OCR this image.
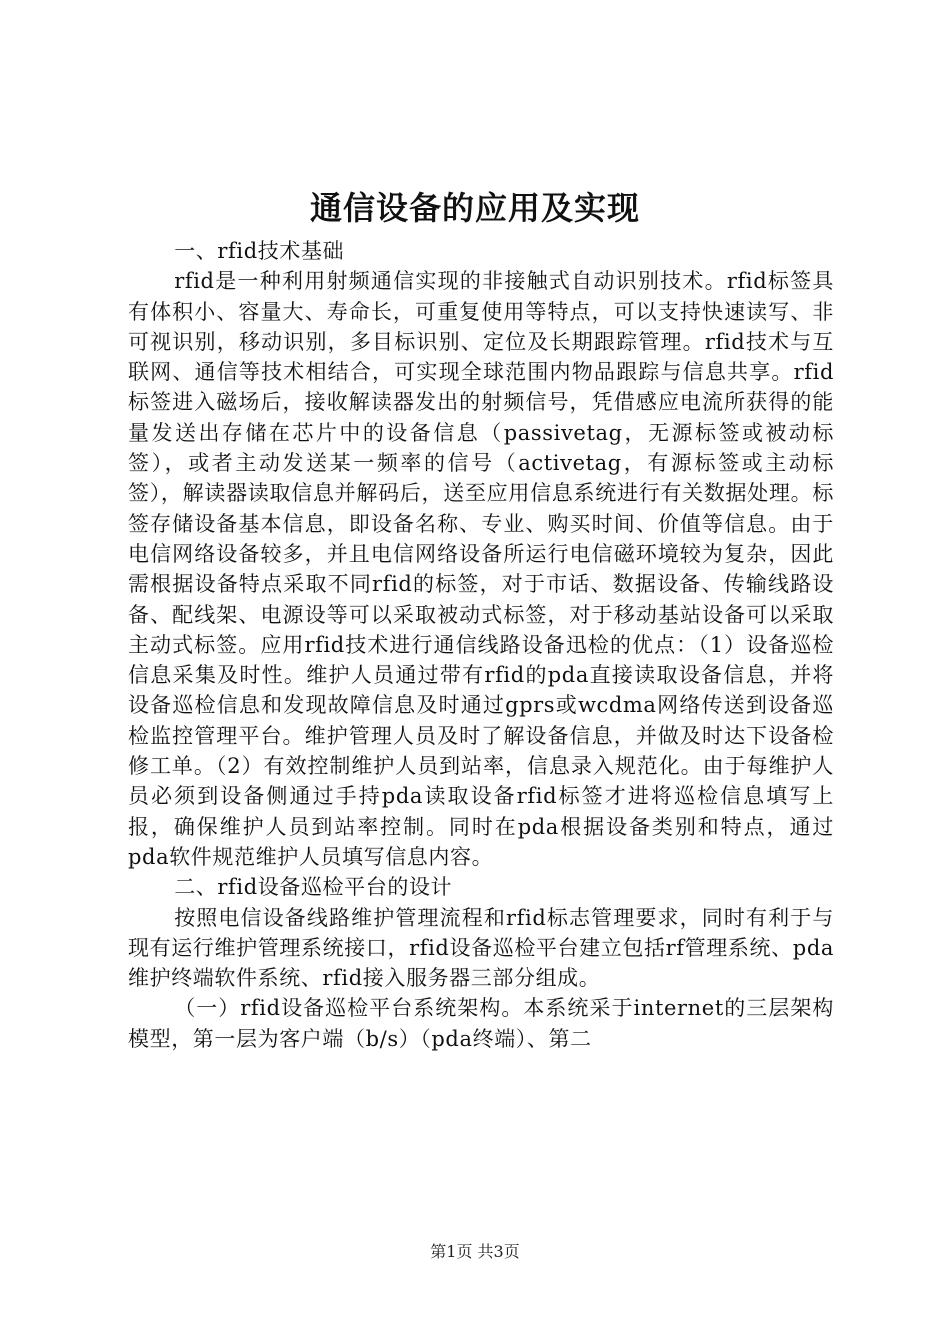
通信设备的应用及实现

一、rfid技术基础

rfid是一种利用射频通信实现的非接触式自动识别技术。rfid标签具有体积小、容量大、寿命长，可重复使用等特点，可以支持快速读写、非可视识别，移动识别，多目标识别、定位及长期跟踪管理。rfid技术与互联网、通信等技术相结合，可实现全球范围内物品跟踪与信息共享。rfid标签进入磁场后，接收解读器发出的射频信号，凭借感应电流所获得的能量发送出存储在芯片中的设备信息（passivetag，无源标签或被动标签），或者主动发送某一频率的信号（activetag，有源标签或主动标签），解读器读取信息并解码后，送至应用信息系统进行有关数据处理。标签存储设备基本信息，即设备名称、专业、购买时间、价值等信息。由于电信网络设备较多，并且电信网络设备所运行电信磁环境较为复杂，因此需根据设备特点采取不同rfid的标签，对于市话、数据设备、传输线路设备、配线架、电源设等可以采取被动式标签，对于移动基站设备可以采取主动式标签。应用rfid技术进行通信线路设备迅检的优点：（1）设备巡检信息采集及时性。维护人员通过带有rfid的pda直接读取设备信息，并将设备巡检信息和发现故障信息及时通过gprs或wcdma网络传送到设备巡检监控管理平台。维护管理人员及时了解设备信息，并做及时达下设备检修工单。（2）有效控制维护人员到站率，信息录入规范化。由于每维护人员必须到设备侧通过手持pda读取设备rfid标签才进将巡检信息填写上报，确保维护人员到站率控制。同时在pda根据设备类别和特点，通过pda软件规范维护人员填写信息内容。

二、rfid设备巡检平台的设计

按照电信设备线路维护管理流程和rfid标志管理要求，同时有利于与现有运行维护管理系统接口，rfid设备巡检平台建立包括rf管理系统、pda维护终端软件系统、rfid接入服务器三部分组成。

（一）rfid设备巡检平台系统架构。本系统采于internet的三层架构模型，第一层为客户端（b/s）（pda终端）、第二

第1页 共3页
